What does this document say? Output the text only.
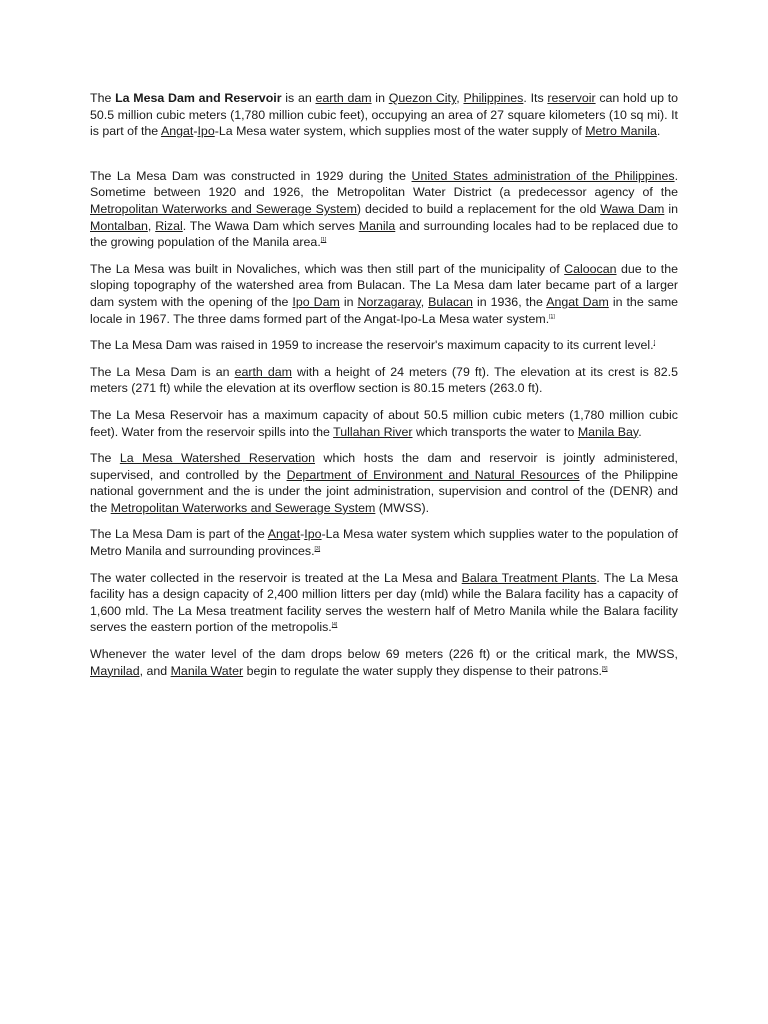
The La Mesa Dam and Reservoir is an earth dam in Quezon City, Philippines. Its reservoir can hold up to 50.5 million cubic meters (1,780 million cubic feet), occupying an area of 27 square kilometers (10 sq mi). It is part of the Angat-Ipo-La Mesa water system, which supplies most of the water supply of Metro Manila.

The La Mesa Dam was constructed in 1929 during the United States administration of the Philippines. Sometime between 1920 and 1926, the Metropolitan Water District (a predecessor agency of the Metropolitan Waterworks and Sewerage System) decided to build a replacement for the old Wawa Dam in Montalban, Rizal. The Wawa Dam which serves Manila and surrounding locales had to be replaced due to the growing population of the Manila area.[1]

The La Mesa was built in Novaliches, which was then still part of the municipality of Caloocan due to the sloping topography of the watershed area from Bulacan. The La Mesa dam later became part of a larger dam system with the opening of the Ipo Dam in Norzagaray, Bulacan in 1936, the Angat Dam in the same locale in 1967. The three dams formed part of the Angat-Ipo-La Mesa water system.[1]

The La Mesa Dam was raised in 1959 to increase the reservoir's maximum capacity to its current level.[

The La Mesa Dam is an earth dam with a height of 24 meters (79 ft). The elevation at its crest is 82.5 meters (271 ft) while the elevation at its overflow section is 80.15 meters (263.0 ft).

The La Mesa Reservoir has a maximum capacity of about 50.5 million cubic meters (1,780 million cubic feet). Water from the reservoir spills into the Tullahan River which transports the water to Manila Bay.

The La Mesa Watershed Reservation which hosts the dam and reservoir is jointly administered, supervised, and controlled by the Department of Environment and Natural Resources of the Philippine national government and the is under the joint administration, supervision and control of the (DENR) and the Metropolitan Waterworks and Sewerage System (MWSS).

The La Mesa Dam is part of the Angat-Ipo-La Mesa water system which supplies water to the population of Metro Manila and surrounding provinces.[3]

The water collected in the reservoir is treated at the La Mesa and Balara Treatment Plants. The La Mesa facility has a design capacity of 2,400 million litters per day (mld) while the Balara facility has a capacity of 1,600 mld. The La Mesa treatment facility serves the western half of Metro Manila while the Balara facility serves the eastern portion of the metropolis.[4]

Whenever the water level of the dam drops below 69 meters (226 ft) or the critical mark, the MWSS, Maynilad, and Manila Water begin to regulate the water supply they dispense to their patrons.[5]
